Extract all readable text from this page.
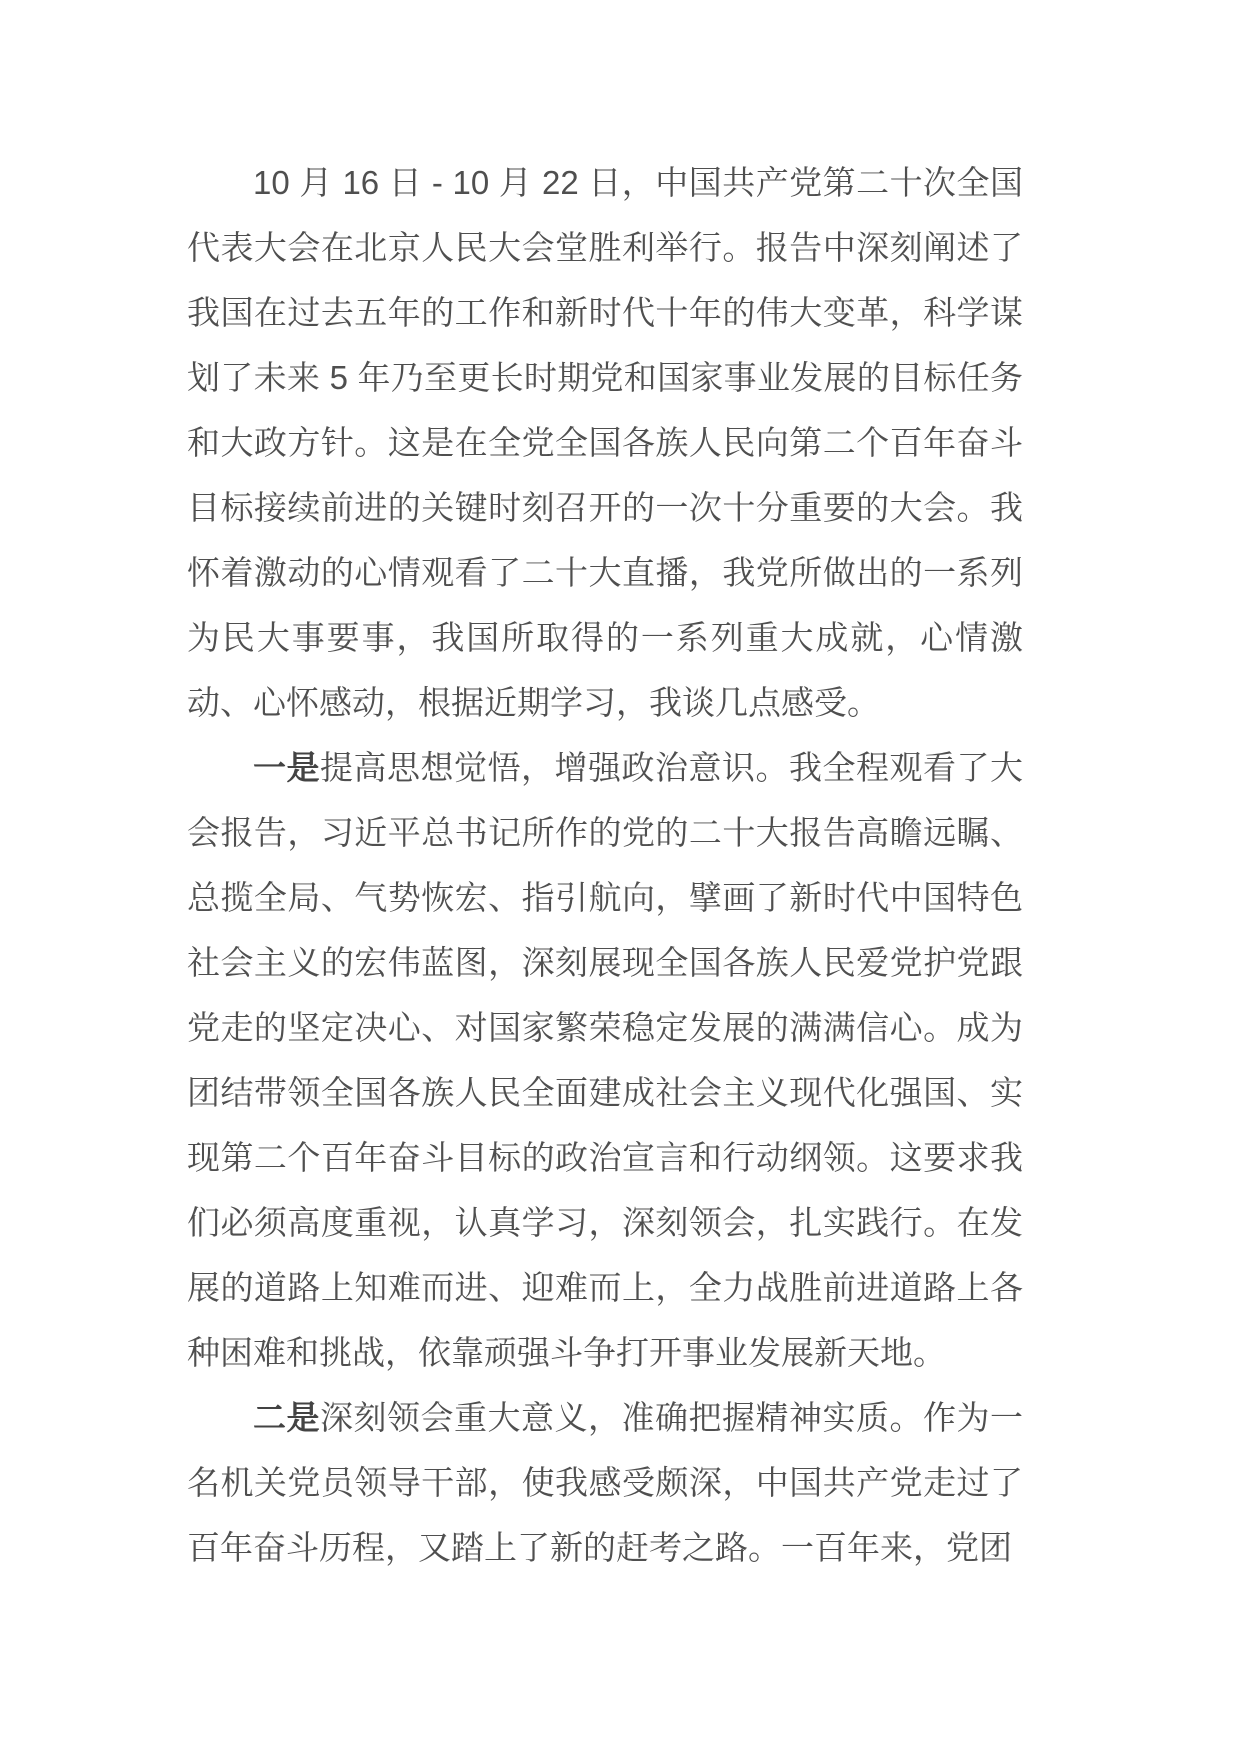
10 月 16 日 - 10 月 22 日，中国共产党第二十次全国代表大会在北京人民大会堂胜利举行。报告中深刻阐述了我国在过去五年的工作和新时代十年的伟大变革，科学谋划了未来 5 年乃至更长时期党和国家事业发展的目标任务和大政方针。这是在全党全国各族人民向第二个百年奋斗目标接续前进的关键时刻召开的一次十分重要的大会。我怀着激动的心情观看了二十大直播，我党所做出的一系列为民大事要事，我国所取得的一系列重大成就，心情激动、心怀感动，根据近期学习，我谈几点感受。

一是提高思想觉悟，增强政治意识。我全程观看了大会报告，习近平总书记所作的党的二十大报告高瞻远瞩、总揽全局、气势恢宏、指引航向，擘画了新时代中国特色社会主义的宏伟蓝图，深刻展现全国各族人民爱党护党跟党走的坚定决心、对国家繁荣稳定发展的满满信心。成为团结带领全国各族人民全面建成社会主义现代化强国、实现第二个百年奋斗目标的政治宣言和行动纲领。这要求我们必须高度重视，认真学习，深刻领会，扎实践行。在发展的道路上知难而进、迎难而上，全力战胜前进道路上各种困难和挑战，依靠顽强斗争打开事业发展新天地。

二是深刻领会重大意义，准确把握精神实质。作为一名机关党员领导干部，使我感受颇深，中国共产党走过了百年奋斗历程，又踏上了新的赶考之路。一百年来，党团
